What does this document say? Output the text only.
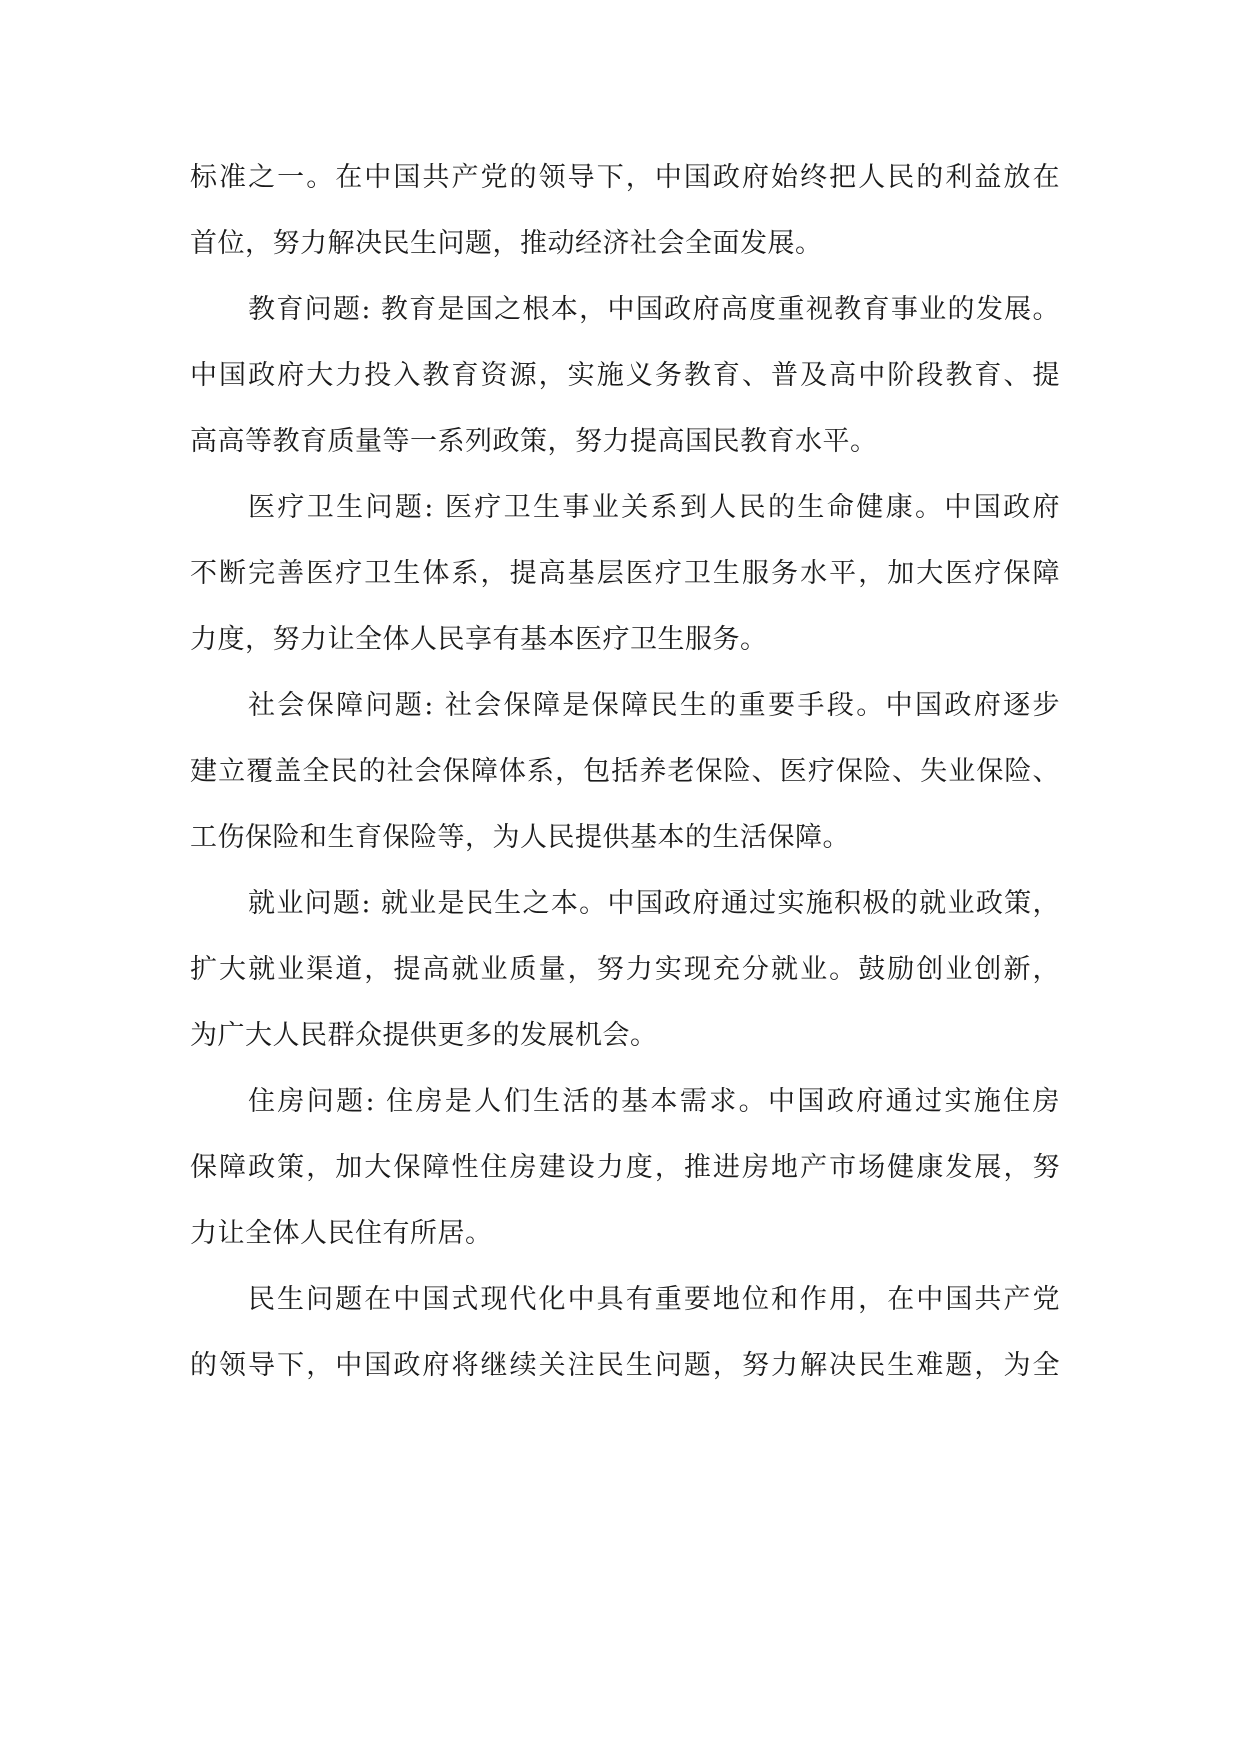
标准之一。在中国共产党的领导下，中国政府始终把人民的利益放在
首位，努力解决民生问题，推动经济社会全面发展。
教育问题: 教育是国之根本，中国政府高度重视教育事业的发展。
中国政府大力投入教育资源，实施义务教育、普及高中阶段教育、提
高高等教育质量等一系列政策，努力提高国民教育水平。
医疗卫生问题: 医疗卫生事业关系到人民的生命健康。中国政府
不断完善医疗卫生体系，提高基层医疗卫生服务水平，加大医疗保障
力度，努力让全体人民享有基本医疗卫生服务。
社会保障问题: 社会保障是保障民生的重要手段。中国政府逐步
建立覆盖全民的社会保障体系，包括养老保险、医疗保险、失业保险、
工伤保险和生育保险等，为人民提供基本的生活保障。
就业问题: 就业是民生之本。中国政府通过实施积极的就业政策，
扩大就业渠道，提高就业质量，努力实现充分就业。鼓励创业创新，
为广大人民群众提供更多的发展机会。
住房问题: 住房是人们生活的基本需求。中国政府通过实施住房
保障政策，加大保障性住房建设力度，推进房地产市场健康发展，努
力让全体人民住有所居。
民生问题在中国式现代化中具有重要地位和作用，在中国共产党
的领导下，中国政府将继续关注民生问题，努力解决民生难题，为全
